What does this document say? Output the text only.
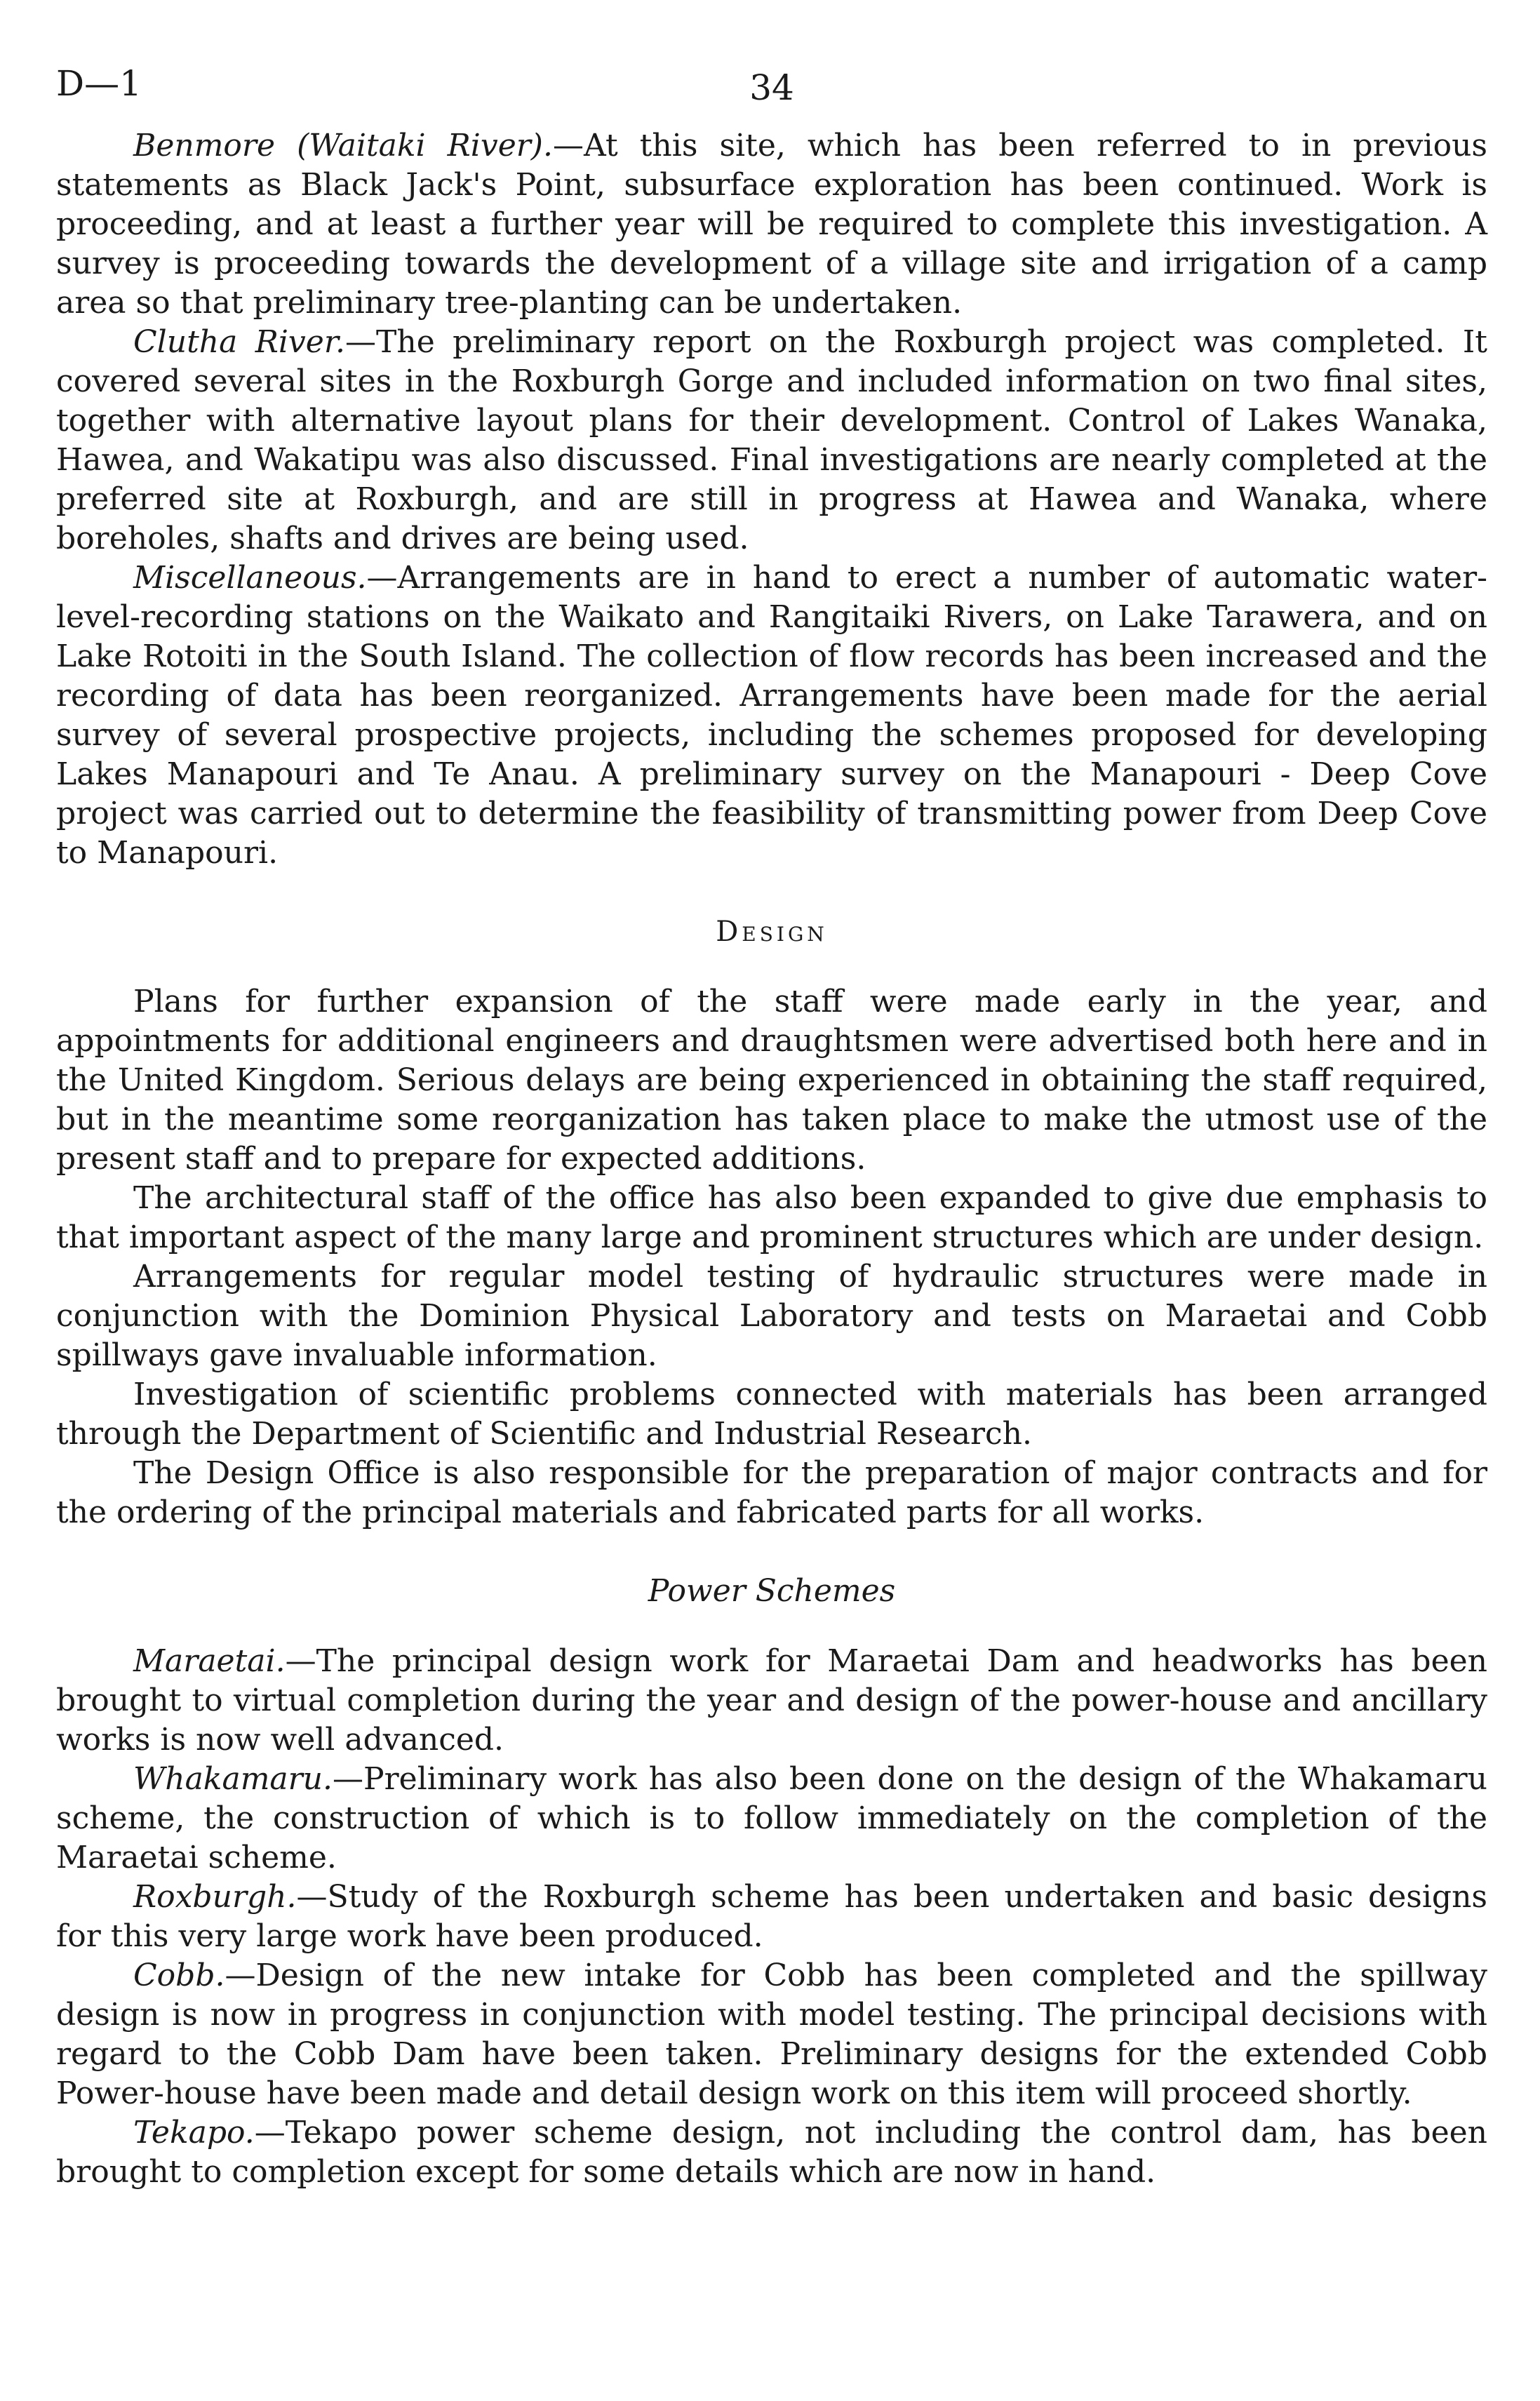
D—1	34

Benmore (Waitaki River).—At this site, which has been referred to in previous statements as Black Jack's Point, subsurface exploration has been continued. Work is proceeding, and at least a further year will be required to complete this investigation. A survey is proceeding towards the development of a village site and irrigation of a camp area so that preliminary tree-planting can be undertaken.

Clutha River.—The preliminary report on the Roxburgh project was completed. It covered several sites in the Roxburgh Gorge and included information on two final sites, together with alternative layout plans for their development. Control of Lakes Wanaka, Hawea, and Wakatipu was also discussed. Final investigations are nearly completed at the preferred site at Roxburgh, and are still in progress at Hawea and Wanaka, where boreholes, shafts and drives are being used.

Miscellaneous.—Arrangements are in hand to erect a number of automatic water-level-recording stations on the Waikato and Rangitaiki Rivers, on Lake Tarawera, and on Lake Rotoiti in the South Island. The collection of flow records has been increased and the recording of data has been reorganized. Arrangements have been made for the aerial survey of several prospective projects, including the schemes proposed for developing Lakes Manapouri and Te Anau. A preliminary survey on the Manapouri - Deep Cove project was carried out to determine the feasibility of transmitting power from Deep Cove to Manapouri.

Design

Plans for further expansion of the staff were made early in the year, and appointments for additional engineers and draughtsmen were advertised both here and in the United Kingdom. Serious delays are being experienced in obtaining the staff required, but in the meantime some reorganization has taken place to make the utmost use of the present staff and to prepare for expected additions.

The architectural staff of the office has also been expanded to give due emphasis to that important aspect of the many large and prominent structures which are under design.

Arrangements for regular model testing of hydraulic structures were made in conjunction with the Dominion Physical Laboratory and tests on Maraetai and Cobb spillways gave invaluable information.

Investigation of scientific problems connected with materials has been arranged through the Department of Scientific and Industrial Research.

The Design Office is also responsible for the preparation of major contracts and for the ordering of the principal materials and fabricated parts for all works.

Power Schemes

Maraetai.—The principal design work for Maraetai Dam and headworks has been brought to virtual completion during the year and design of the power-house and ancillary works is now well advanced.

Whakamaru.—Preliminary work has also been done on the design of the Whakamaru scheme, the construction of which is to follow immediately on the completion of the Maraetai scheme.

Roxburgh.—Study of the Roxburgh scheme has been undertaken and basic designs for this very large work have been produced.

Cobb.—Design of the new intake for Cobb has been completed and the spillway design is now in progress in conjunction with model testing. The principal decisions with regard to the Cobb Dam have been taken. Preliminary designs for the extended Cobb Power-house have been made and detail design work on this item will proceed shortly.

Tekapo.—Tekapo power scheme design, not including the control dam, has been brought to completion except for some details which are now in hand.
